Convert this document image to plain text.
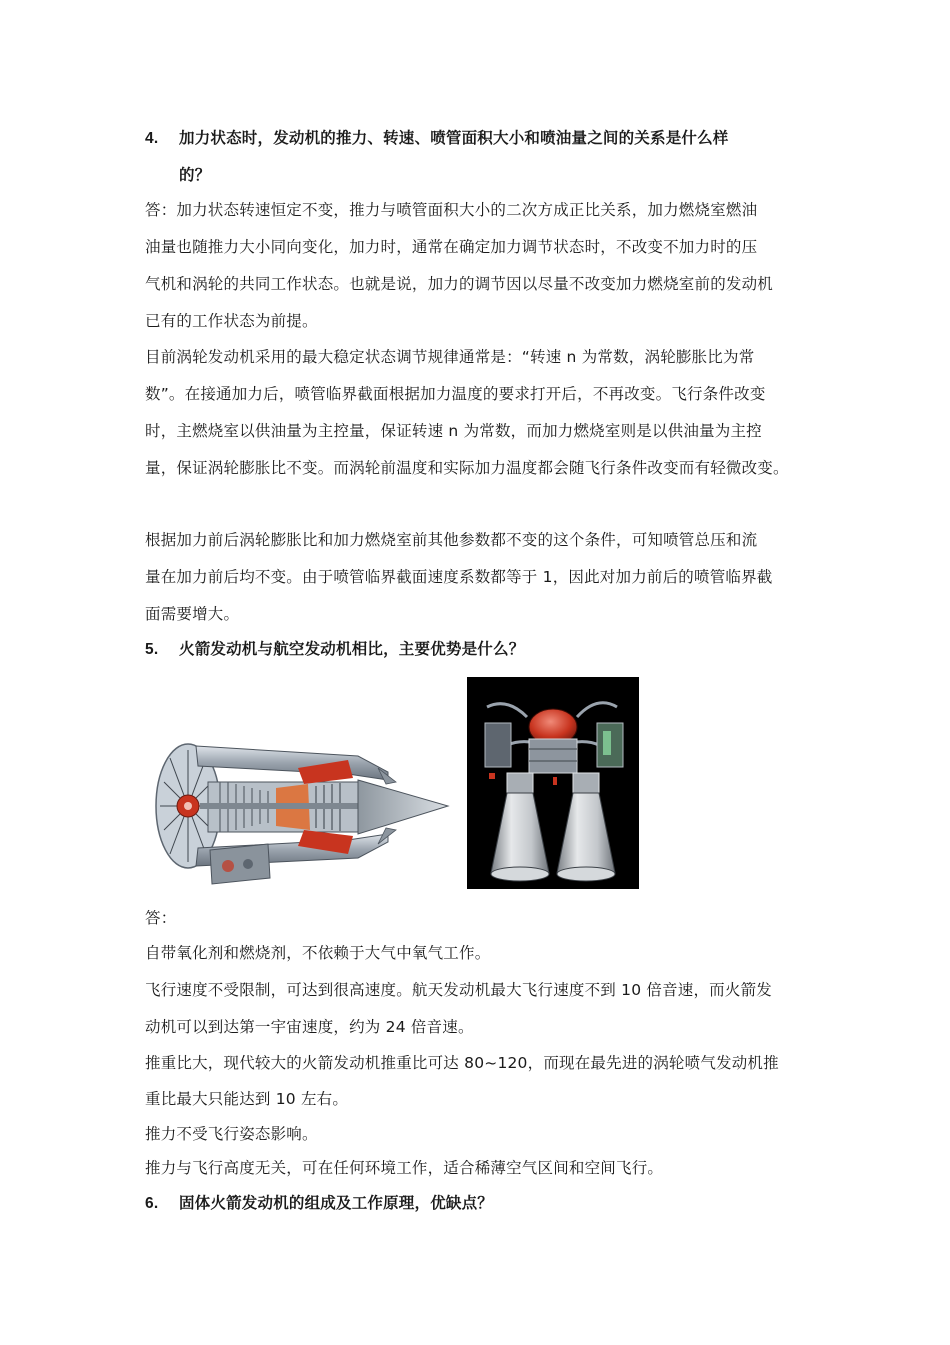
4.	加力状态时，发动机的推力、转速、喷管面积大小和喷油量之间的关系是什么样
的？
答：加力状态转速恒定不变，推力与喷管面积大小的二次方成正比关系，加力燃烧室燃油
油量也随推力大小同向变化，加力时，通常在确定加力调节状态时，不改变不加力时的压
气机和涡轮的共同工作状态。也就是说，加力的调节因以尽量不改变加力燃烧室前的发动机
已有的工作状态为前提。
目前涡轮发动机采用的最大稳定状态调节规律通常是：“转速 n 为常数，涡轮膨胀比为常
数”。在接通加力后，喷管临界截面根据加力温度的要求打开后，不再改变。飞行条件改变
时，主燃烧室以供油量为主控量，保证转速 n 为常数，而加力燃烧室则是以供油量为主控
量，保证涡轮膨胀比不变。而涡轮前温度和实际加力温度都会随飞行条件改变而有轻微改变。
根据加力前后涡轮膨胀比和加力燃烧室前其他参数都不变的这个条件，可知喷管总压和流
量在加力前后均不变。由于喷管临界截面速度系数都等于 1，因此对加力前后的喷管临界截
面需要增大。
5.	火箭发动机与航空发动机相比，主要优势是什么？

答：
自带氧化剂和燃烧剂，不依赖于大气中氧气工作。
飞行速度不受限制，可达到很高速度。航天发动机最大飞行速度不到 10 倍音速，而火箭发
动机可以到达第一宇宙速度，约为 24 倍音速。
推重比大，现代较大的火箭发动机推重比可达 80~120，而现在最先进的涡轮喷气发动机推
重比最大只能达到 10 左右。
推力不受飞行姿态影响。
推力与飞行高度无关，可在任何环境工作，适合稀薄空气区间和空间飞行。
6.	固体火箭发动机的组成及工作原理，优缺点？
